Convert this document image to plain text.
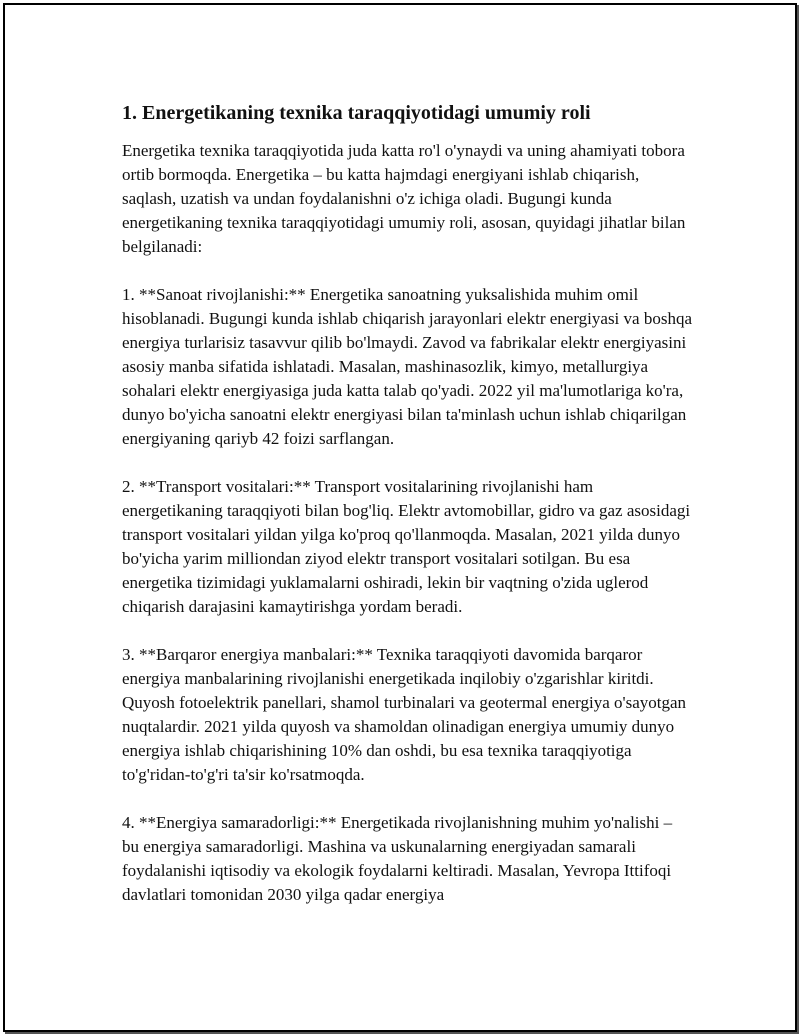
1. Energetikaning texnika taraqqiyotidagi umumiy roli

Energetika texnika taraqqiyotida juda katta ro'l o'ynaydi va uning ahamiyati tobora ortib bormoqda. Energetika – bu katta hajmdagi energiyani ishlab chiqarish, saqlash, uzatish va undan foydalanishni o'z ichiga oladi. Bugungi kunda energetikaning texnika taraqqiyotidagi umumiy roli, asosan, quyidagi jihatlar bilan belgilanadi:

1. **Sanoat rivojlanishi:** Energetika sanoatning yuksalishida muhim omil hisoblanadi. Bugungi kunda ishlab chiqarish jarayonlari elektr energiyasi va boshqa energiya turlarisiz tasavvur qilib bo'lmaydi. Zavod va fabrikalar elektr energiyasini asosiy manba sifatida ishlatadi. Masalan, mashinasozlik, kimyo, metallurgiya sohalari elektr energiyasiga juda katta talab qo'yadi. 2022 yil ma'lumotlariga ko'ra, dunyo bo'yicha sanoatni elektr energiyasi bilan ta'minlash uchun ishlab chiqarilgan energiyaning qariyb 42 foizi sarflangan.

2. **Transport vositalari:** Transport vositalarining rivojlanishi ham energetikaning taraqqiyoti bilan bog'liq. Elektr avtomobillar, gidro va gaz asosidagi transport vositalari yildan yilga ko'proq qo'llanmoqda. Masalan, 2021 yilda dunyo bo'yicha yarim milliondan ziyod elektr transport vositalari sotilgan. Bu esa energetika tizimidagi yuklamalarni oshiradi, lekin bir vaqtning o'zida uglerod chiqarish darajasini kamaytirishga yordam beradi.

3. **Barqaror energiya manbalari:** Texnika taraqqiyoti davomida barqaror energiya manbalarining rivojlanishi energetikada inqilobiy o'zgarishlar kiritdi. Quyosh fotoelektrik panellari, shamol turbinalari va geotermal energiya o'sayotgan nuqtalardir. 2021 yilda quyosh va shamoldan olinadigan energiya umumiy dunyo energiya ishlab chiqarishining 10% dan oshdi, bu esa texnika taraqqiyotiga to'g'ridan-to'g'ri ta'sir ko'rsatmoqda.

4. **Energiya samaradorligi:** Energetikada rivojlanishning muhim yo'nalishi – bu energiya samaradorligi. Mashina va uskunalarning energiyadan samarali foydalanishi iqtisodiy va ekologik foydalarni keltiradi. Masalan, Yevropa Ittifoqi davlatlari tomonidan 2030 yilga qadar energiya
